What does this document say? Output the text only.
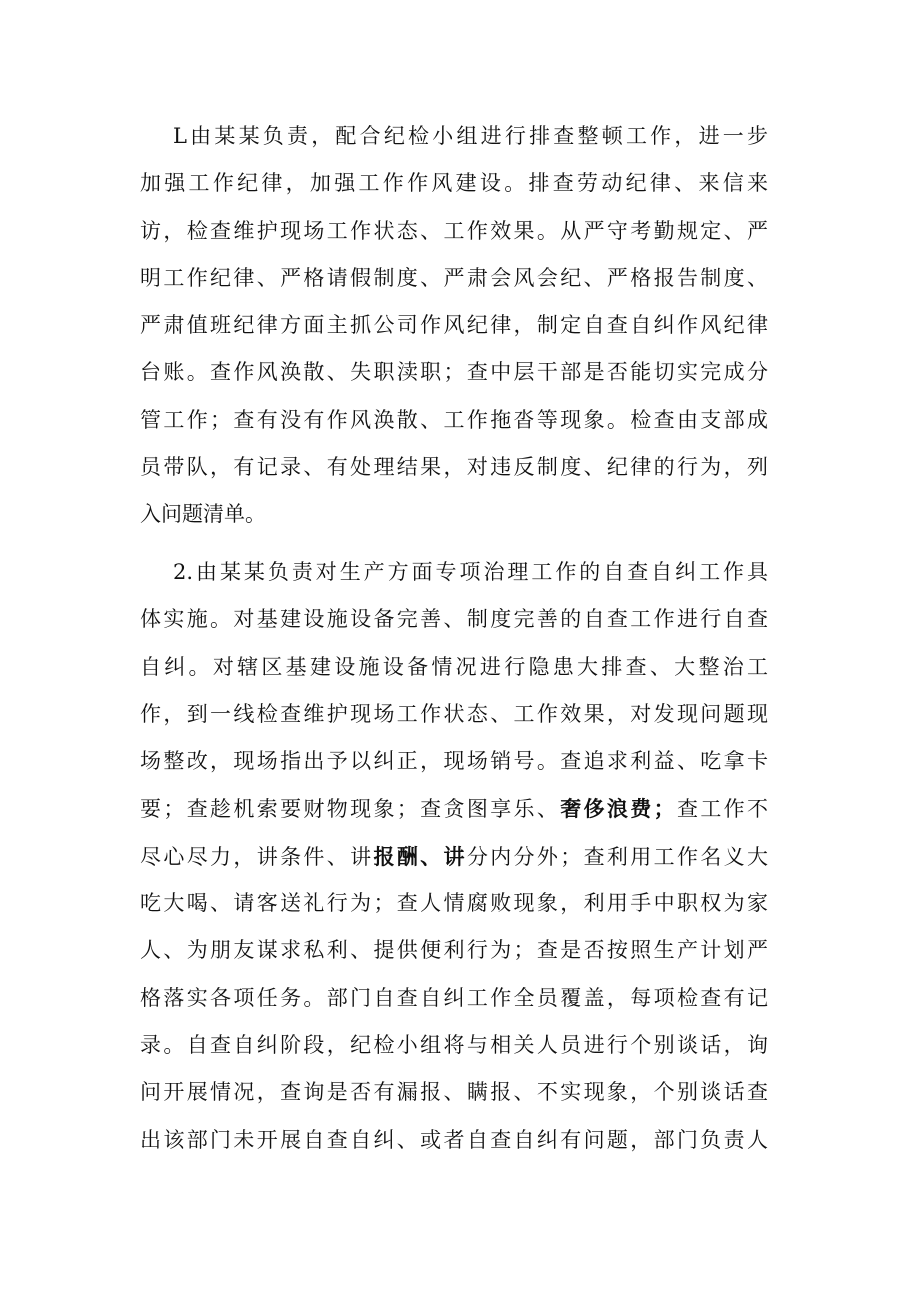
L由某某负责，配合纪检小组进行排查整顿工作，进一步
加强工作纪律，加强工作作风建设。排查劳动纪律、来信来
访，检查维护现场工作状态、工作效果。从严守考勤规定、严
明工作纪律、严格请假制度、严肃会风会纪、严格报告制度、
严肃值班纪律方面主抓公司作风纪律，制定自查自纠作风纪律
台账。查作风涣散、失职渎职；查中层干部是否能切实完成分
管工作；查有没有作风涣散、工作拖沓等现象。检查由支部成
员带队，有记录、有处理结果，对违反制度、纪律的行为，列
入问题清单。
2.由某某负责对生产方面专项治理工作的自查自纠工作具
体实施。对基建设施设备完善、制度完善的自查工作进行自查
自纠。对辖区基建设施设备情况进行隐患大排查、大整治工
作，到一线检查维护现场工作状态、工作效果，对发现问题现
场整改，现场指出予以纠正，现场销号。查追求利益、吃拿卡
要；查趁机索要财物现象；查贪图享乐、奢侈浪费；查工作不
尽心尽力，讲条件、讲报酬、讲分内分外；查利用工作名义大
吃大喝、请客送礼行为；查人情腐败现象，利用手中职权为家
人、为朋友谋求私利、提供便利行为；查是否按照生产计划严
格落实各项任务。部门自查自纠工作全员覆盖，每项检查有记
录。自查自纠阶段，纪检小组将与相关人员进行个别谈话，询
问开展情况，查询是否有漏报、瞒报、不实现象，个别谈话查
出该部门未开展自查自纠、或者自查自纠有问题，部门负责人
